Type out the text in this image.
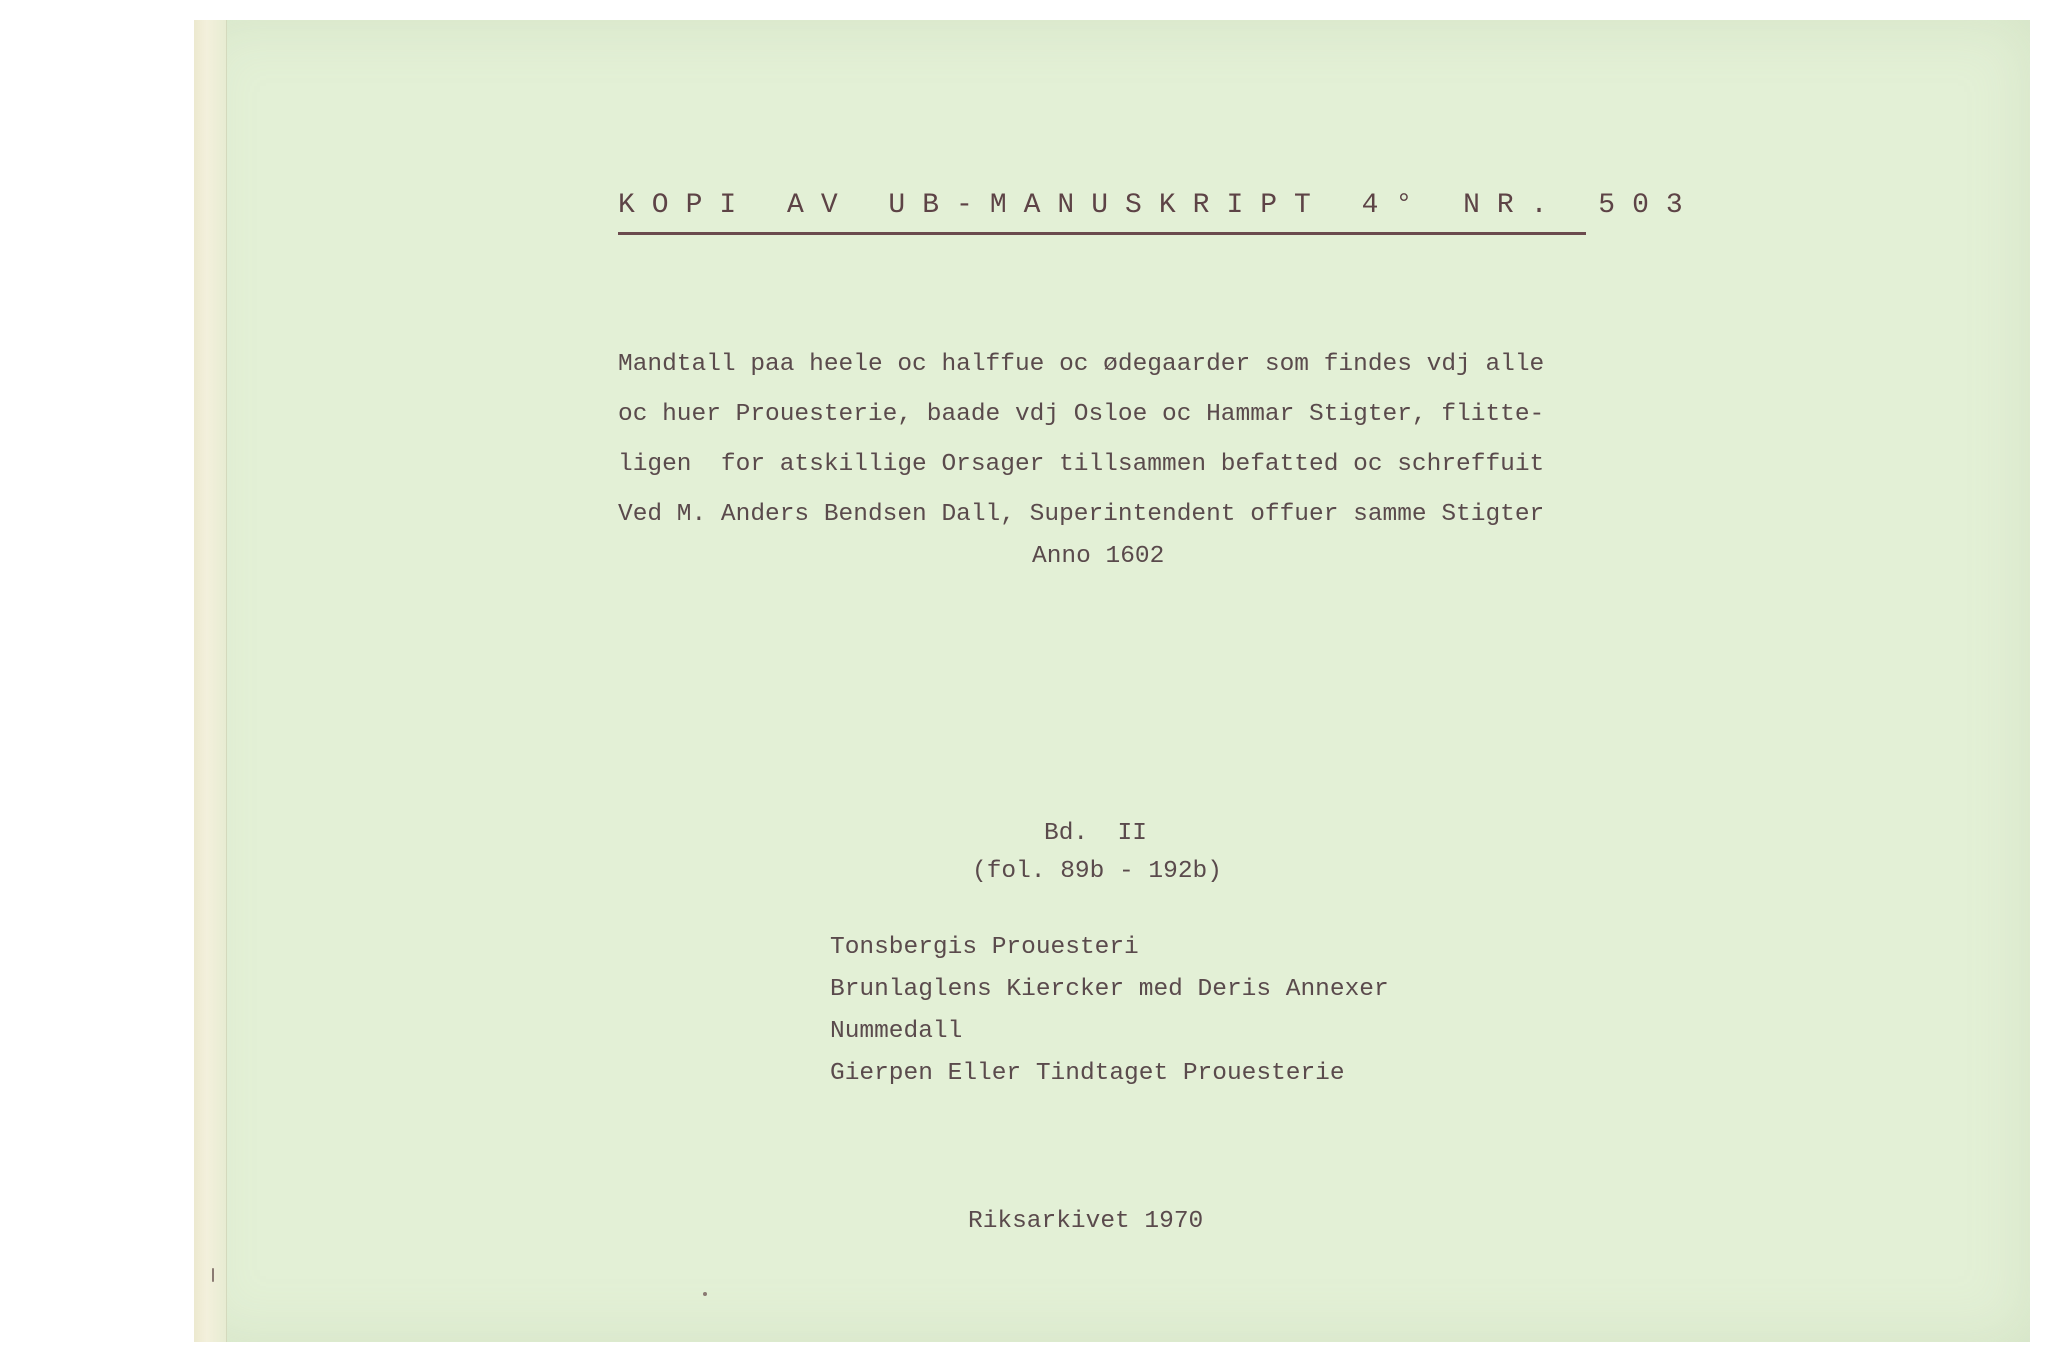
KOPI AV UB-MANUSKRIPT 4° NR. 503

Mandtall paa heele oc halffue oc ødegaarder som findes vdj alle
oc huer Prouesterie, baade vdj Osloe oc Hammar Stigter, flitte-
ligen  for atskillige Orsager tillsammen befatted oc schreffuit
Ved M. Anders Bendsen Dall, Superintendent offuer samme Stigter

Anno 1602

Bd.  II

(fol. 89b - 192b)

Tonsbergis Prouesteri
Brunlaglens Kiercker med Deris Annexer
Nummedall
Gierpen Eller Tindtaget Prouesterie

Riksarkivet 1970
